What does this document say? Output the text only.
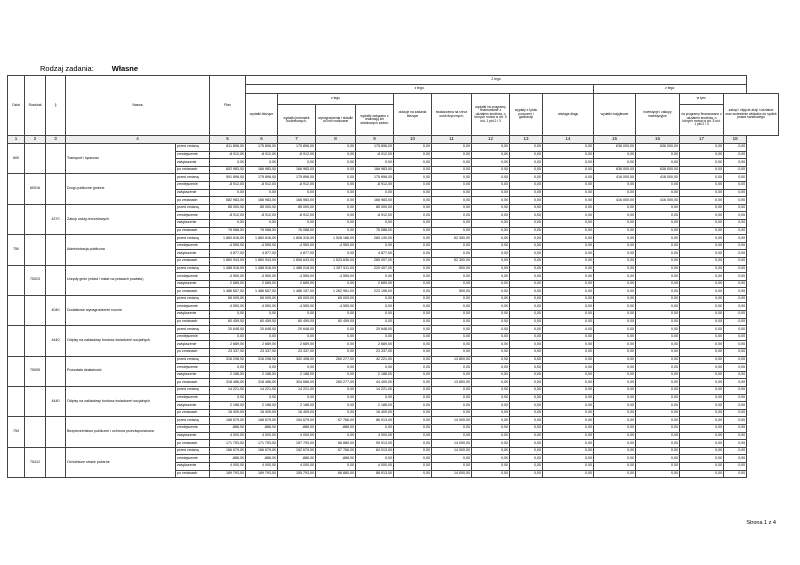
Rodzaj zadania: Własne
Dział	Rozdział	§	Nazwa		Plan	Z tego												
						z tego:									z tego:			
						wydatki bieżące	z tego			dotacje na zadania bieżące	świadczenia na rzecz osób fizycznych;	wydatki na programy finansowane z udziałem środków, o których mowa w art. 5 ust. 1 pkt 2 i 3	wypłaty z tytułu poręczeń i gwarancji	obsługa długu	wydatki majątkowe	inwestycje i zakupy inwestycyjne	w tym:	zakup i objęcie akcji i udziałów oraz wniesienie wkładów do spółek prawa handlowego
							wydatki jednostek budżetowych,	wynagrodzenia i składki od nich naliczane	wydatki związane z realizacją ich statutowych zadań;								na programy finansowane z udziałem środków, o których mowa w art. 5 ust. 1 pkt 2 i 3	
1	2	3	4		5	6	7	8	9	10	11	12	13	14	15	16	17	18
600			Transport i łączność	przed zmianą	811 896,00	175 896,00	175 896,00	0,00	175 896,00	0,00	0,00	0,00	0,00	0,00	636 000,00	636 000,00	0,00	0,00
				zmniejszenie	-8 912,00	-8 912,00	-8 912,00	0,00	-8 912,00	0,00	0,00	0,00	0,00	0,00	0,00	0,00	0,00	0,00
				zwiększenie	0,00	0,00	0,00	0,00	0,00	0,00	0,00	0,00	0,00	0,00	0,00	0,00	0,00	0,00
				po zmianach	802 983,00	166 983,00	166 983,00	0,00	166 983,00	0,00	0,00	0,00	0,00	0,00	636 000,00	636 000,00	0,00	0,00
	60016		Drogi publiczne gminne	przed zmianą	591 896,00	175 896,00	175 896,00	0,00	175 896,00	0,00	0,00	0,00	0,00	0,00	416 000,00	416 000,00	0,00	0,00
				zmniejszenie	-8 912,00	-8 912,00	-8 912,00	0,00	-8 912,00	0,00	0,00	0,00	0,00	0,00	0,00	0,00	0,00	0,00
				zwiększenie	0,00	0,00	0,00	0,00	0,00	0,00	0,00	0,00	0,00	0,00	0,00	0,00	0,00	0,00
				po zmianach	582 983,00	166 983,00	166 983,00	0,00	166 983,00	0,00	0,00	0,00	0,00	0,00	416 000,00	416 000,00	0,00	0,00
		4270	Zakup usług remontowych	przed zmianą	85 000,00	85 000,00	85 000,00	0,00	85 000,00	0,00	0,00	0,00	0,00	0,00	0,00	0,00	0,00	0,00
				zmniejszenie	-8 912,00	-8 912,00	-8 912,00	0,00	-8 912,00	0,00	0,00	0,00	0,00	0,00	0,00	0,00	0,00	0,00
				zwiększenie	0,00	0,00	0,00	0,00	0,00	0,00	0,00	0,00	0,00	0,00	0,00	0,00	0,00	0,00
				po zmianach	76 088,00	76 088,00	76 088,00	0,00	76 088,00	0,00	0,00	0,00	0,00	0,00	0,00	0,00	0,00	0,00
750			Administracja publiczna	przed zmianą	1 860 616,00	1 860 616,00	1 808 316,00	1 528 186,00	280 130,00	0,00	52 300,00	0,00	0,00	0,00	0,00	0,00	0,00	0,00
				zmniejszenie	-4 550,00	-4 550,00	-4 550,00	-4 550,00	0,00	0,00	0,00	0,00	0,00	0,00	0,00	0,00	0,00	0,00
				zwiększenie	4 877,00	4 877,00	4 877,00	0,00	4 877,00	0,00	0,00	0,00	0,00	0,00	0,00	0,00	0,00	0,00
				po zmianach	1 860 943,00	1 860 943,00	1 808 643,00	1 523 636,00	285 007,00	0,00	52 300,00	0,00	0,00	0,00	0,00	0,00	0,00	0,00
	75023		Urzędy gmin (miast i miast na prawach powiatu)	przed zmianą	1 488 518,00	1 488 518,00	1 488 018,00	1 267 511,00	220 407,00	0,00	500,00	0,00	0,00	0,00	0,00	0,00	0,00	0,00
				zmniejszenie	-4 550,00	-4 550,00	-4 550,00	-4 550,00	0,00	0,00	0,00	0,00	0,00	0,00	0,00	0,00	0,00	0,00
				zwiększenie	2 689,00	2 689,00	2 689,00	0,00	2 689,00	0,00	0,00	0,00	0,00	0,00	0,00	0,00	0,00	0,00
				po zmianach	1 486 657,00	1 486 657,00	1 486 157,00	1 262 961,00	223 196,00	0,00	500,00	0,00	0,00	0,00	0,00	0,00	0,00	0,00
		4040	Dodatkowe wynagrodzenie roczne	przed zmianą	65 009,00	65 009,00	65 009,00	65 009,00	0,00	0,00	0,00	0,00	0,00	0,00	0,00	0,00	0,00	0,00
				zmniejszenie	-4 550,00	-4 550,00	-4 550,00	-4 550,00	0,00	0,00	0,00	0,00	0,00	0,00	0,00	0,00	0,00	0,00
				zwiększenie	0,00	0,00	0,00	0,00	0,00	0,00	0,00	0,00	0,00	0,00	0,00	0,00	0,00	0,00
				po zmianach	60 459,00	60 459,00	60 459,00	60 459,00	0,00	0,00	0,00	0,00	0,00	0,00	0,00	0,00	0,00	0,00
		4440	Odpisy na zakładowy fundusz świadczeń socjalnych	przed zmianą	20 648,00	20 648,00	20 648,00	0,00	20 648,00	0,00	0,00	0,00	0,00	0,00	0,00	0,00	0,00	0,00
				zmniejszenie	0,00	0,00	0,00	0,00	0,00	0,00	0,00	0,00	0,00	0,00	0,00	0,00	0,00	0,00
				zwiększenie	2 689,00	2 689,00	2 689,00	0,00	2 689,00	0,00	0,00	0,00	0,00	0,00	0,00	0,00	0,00	0,00
				po zmianach	23 337,00	23 337,00	23 337,00	0,00	23 337,00	0,00	0,00	0,00	0,00	0,00	0,00	0,00	0,00	0,00
	75095		Pozostała działalność	przed zmianą	316 298,00	316 298,00	302 498,00	260 277,00	42 221,00	0,00	13 800,00	0,00	0,00	0,00	0,00	0,00	0,00	0,00
				zmniejszenie	0,00	0,00	0,00	0,00	0,00	0,00	0,00	0,00	0,00	0,00	0,00	0,00	0,00	0,00
				zwiększenie	2 188,00	2 188,00	2 188,00	0,00	2 188,00	0,00	0,00	0,00	0,00	0,00	0,00	0,00	0,00	0,00
				po zmianach	318 486,00	318 486,00	304 686,00	260 277,00	44 409,00	0,00	13 800,00	0,00	0,00	0,00	0,00	0,00	0,00	0,00
		4440	Odpisy na zakładowy fundusz świadczeń socjalnych	przed zmianą	14 221,00	14 221,00	14 221,00	0,00	14 221,00	0,00	0,00	0,00	0,00	0,00	0,00	0,00	0,00	0,00
				zmniejszenie	0,00	0,00	0,00	0,00	0,00	0,00	0,00	0,00	0,00	0,00	0,00	0,00	0,00	0,00
				zwiększenie	2 188,00	2 188,00	2 188,00	0,00	2 188,00	0,00	0,00	0,00	0,00	0,00	0,00	0,00	0,00	0,00
				po zmianach	16 409,00	16 409,00	16 409,00	0,00	16 409,00	0,00	0,00	0,00	0,00	0,00	0,00	0,00	0,00	0,00
754			Bezpieczeństwo publiczne i ochrona przeciwpożarowa	przed zmianą	168 679,00	168 679,00	154 679,00	67 766,00	86 913,00	0,00	14 000,00	0,00	0,00	0,00	0,00	0,00	0,00	0,00
				zmniejszenie	-886,00	-886,00	-886,00	-886,00	0,00	0,00	0,00	0,00	0,00	0,00	0,00	0,00	0,00	0,00
				zwiększenie	4 000,00	4 000,00	4 000,00	0,00	4 000,00	0,00	0,00	0,00	0,00	0,00	0,00	0,00	0,00	0,00
				po zmianach	171 793,00	171 793,00	157 793,00	66 880,00	90 913,00	0,00	14 000,00	0,00	0,00	0,00	0,00	0,00	0,00	0,00
	75412		Ochotnicze straże pożarne	przed zmianą	166 679,00	166 679,00	152 679,00	67 766,00	84 913,00	0,00	14 000,00	0,00	0,00	0,00	0,00	0,00	0,00	0,00
				zmniejszenie	-886,00	-886,00	-886,00	-886,00	0,00	0,00	0,00	0,00	0,00	0,00	0,00	0,00	0,00	0,00
				zwiększenie	4 000,00	4 000,00	4 000,00	0,00	4 000,00	0,00	0,00	0,00	0,00	0,00	0,00	0,00	0,00	0,00
				po zmianach	169 793,00	169 793,00	155 793,00	66 880,00	88 913,00	0,00	14 000,00	0,00	0,00	0,00	0,00	0,00	0,00	0,00
Strona 1 z 4
